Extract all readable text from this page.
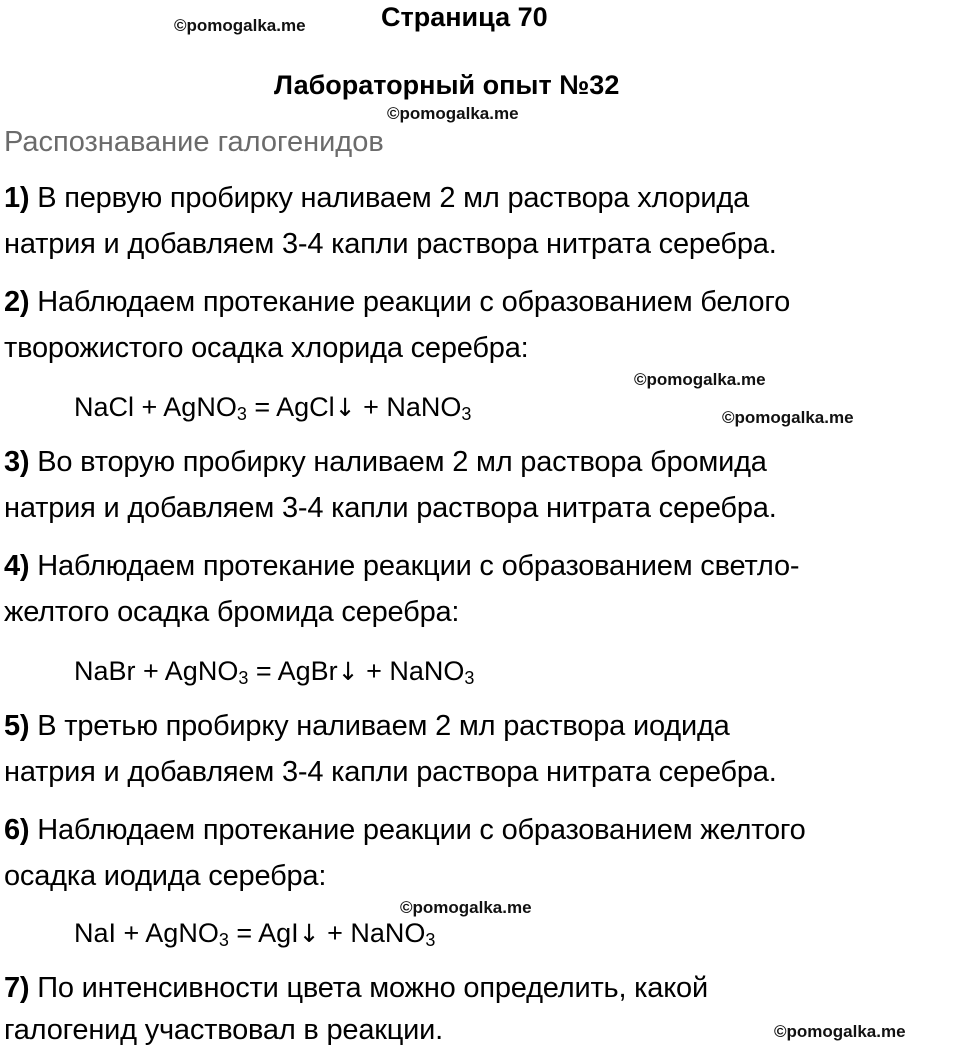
©pomogalka.me	Страница 70
Лабораторный опыт №32
©pomogalka.me
Распознавание галогенидов
1) В первую пробирку наливаем 2 мл раствора хлорида
натрия и добавляем 3-4 капли раствора нитрата серебра.
2) Наблюдаем протекание реакции с образованием белого
творожистого осадка хлорида серебра:
©pomogalka.me
NaCl + AgNO$_3$ = AgCl↓ + NaNO$_3$	©pomogalka.me
3) Во вторую пробирку наливаем 2 мл раствора бромида
натрия и добавляем 3-4 капли раствора нитрата серебра.
4) Наблюдаем протекание реакции с образованием светло-
желтого осадка бромида серебра:
NaBr + AgNO$_3$ = AgBr↓ + NaNO$_3$
5) В третью пробирку наливаем 2 мл раствора иодида
натрия и добавляем 3-4 капли раствора нитрата серебра.
6) Наблюдаем протекание реакции с образованием желтого
осадка иодида серебра:
©pomogalka.me
NaI + AgNO$_3$ = AgI↓ + NaNO$_3$
7) По интенсивности цвета можно определить, какой
галогенид участвовал в реакции.	©pomogalka.me
